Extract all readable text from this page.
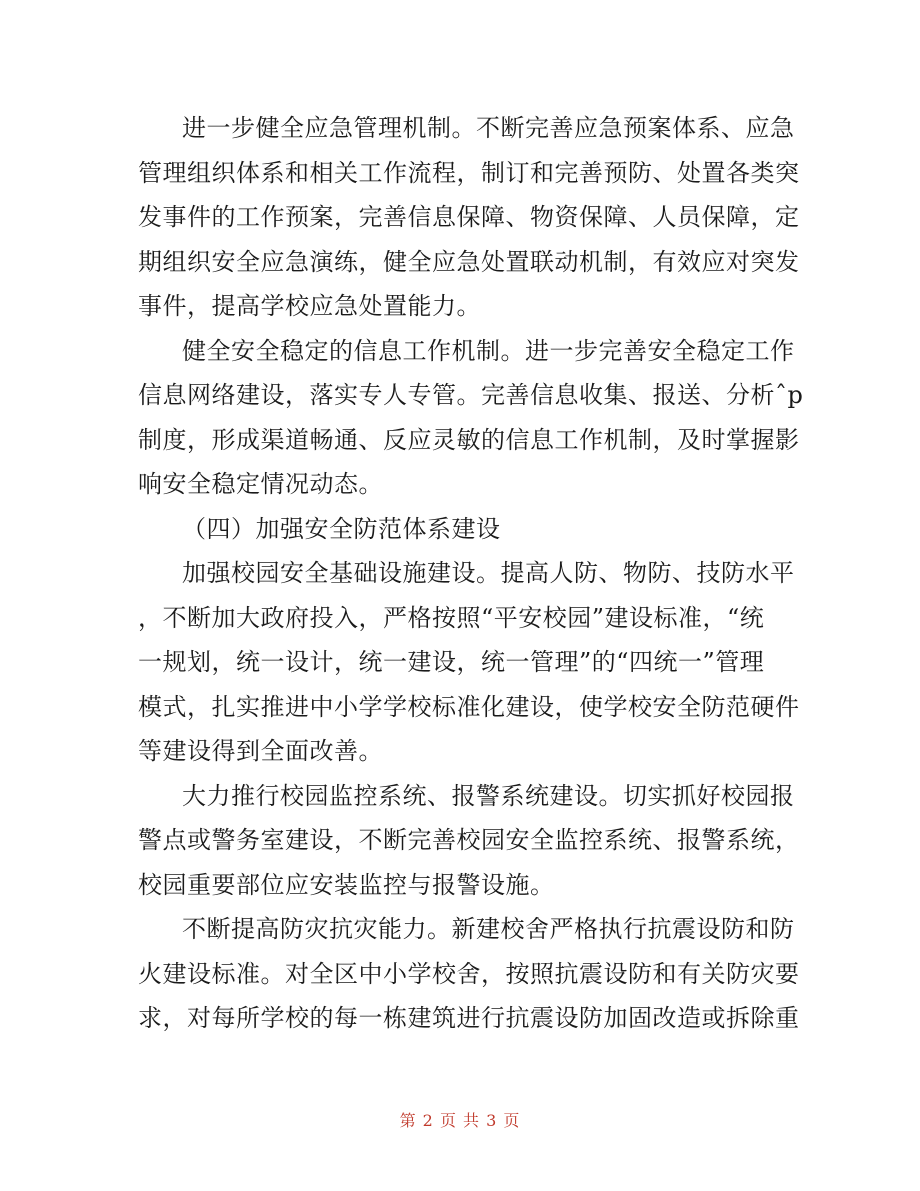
进一步健全应急管理机制。不断完善应急预案体系、应急
管理组织体系和相关工作流程，制订和完善预防、处置各类突
发事件的工作预案，完善信息保障、物资保障、人员保障，定
期组织安全应急演练，健全应急处置联动机制，有效应对突发
事件，提高学校应急处置能力。
健全安全稳定的信息工作机制。进一步完善安全稳定工作
信息网络建设，落实专人专管。完善信息收集、报送、分析ˆp
制度，形成渠道畅通、反应灵敏的信息工作机制，及时掌握影
响安全稳定情况动态。
（四）加强安全防范体系建设
加强校园安全基础设施建设。提高人防、物防、技防水平
，不断加大政府投入，严格按照“平安校园”建设标准，“统
一规划，统一设计，统一建设，统一管理”的“四统一”管理
模式，扎实推进中小学学校标准化建设，使学校安全防范硬件
等建设得到全面改善。
大力推行校园监控系统、报警系统建设。切实抓好校园报
警点或警务室建设，不断完善校园安全监控系统、报警系统，
校园重要部位应安装监控与报警设施。
不断提高防灾抗灾能力。新建校舍严格执行抗震设防和防
火建设标准。对全区中小学校舍，按照抗震设防和有关防灾要
求，对每所学校的每一栋建筑进行抗震设防加固改造或拆除重
第 2 页 共 3 页
